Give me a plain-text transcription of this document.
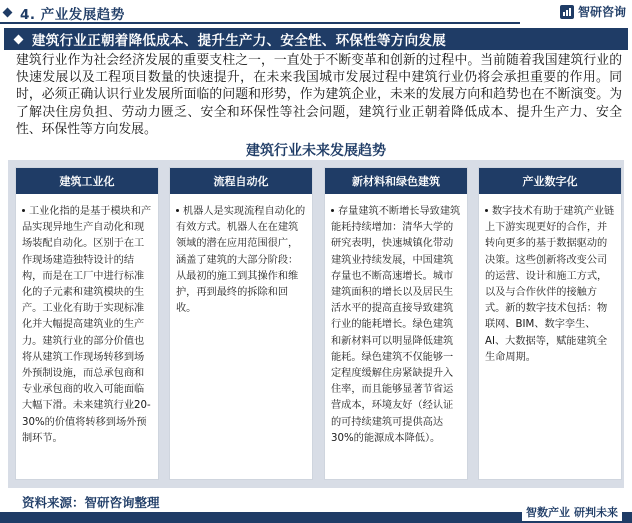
4. 产业发展趋势	智研咨询
建筑行业正朝着降低成本、提升生产力、安全性、环保性等方向发展

建筑行业作为社会经济发展的重要支柱之一，一直处于不断变革和创新的过程中。当前随着我国建筑行业的快速发展以及工程项目数量的快速提升，在未来我国城市发展过程中建筑行业仍将会承担重要的作用。同时，必须正确认识行业发展所面临的问题和形势，作为建筑企业，未来的发展方向和趋势也在不断演变。为了解决住房负担、劳动力匮乏、安全和环保性等社会问题，建筑行业正朝着降低成本、提升生产力、安全性、环保性等方向发展。

建筑行业未来发展趋势
建筑工业化
工业化指的是基于模块和产品实现异地生产自动化和现场装配自动化。区别于在工作现场建造独特设计的结构，而是在工厂中进行标准化的子元素和建筑模块的生产。工业化有助于实现标准化并大幅提高建筑业的生产力。建筑行业的部分价值也将从建筑工作现场转移到场外预制设施，而总承包商和专业承包商的收入可能面临大幅下滑。未来建筑行业20-30%的价值将转移到场外预制环节。
流程自动化
机器人是实现流程自动化的有效方式。机器人在在建筑领域的潜在应用范围很广，涵盖了建筑的大部分阶段：从最初的施工到其操作和维护，再到最终的拆除和回收。
新材料和绿色建筑
存量建筑不断增长导致建筑能耗持续增加：清华大学的研究表明，快速城镇化带动建筑业持续发展，中国建筑存量也不断高速增长。城市建筑面积的增长以及居民生活水平的提高直接导致建筑行业的能耗增长。绿色建筑和新材料可以明显降低建筑能耗。绿色建筑不仅能够一定程度缓解住房紧缺提升入住率，而且能够显著节省运营成本，环境友好（经认证的可持续建筑可提供高达30%的能源成本降低）。
产业数字化
数字技术有助于建筑产业链上下游实现更好的合作，并转向更多的基于数据驱动的决策。这些创新将改变公司的运营、设计和施工方式，以及与合作伙伴的接触方式。新的数字技术包括：物联网、BIM、数字孪生、AI、大数据等，赋能建筑全生命周期。
资料来源：智研咨询整理
智数产业 研判未来
